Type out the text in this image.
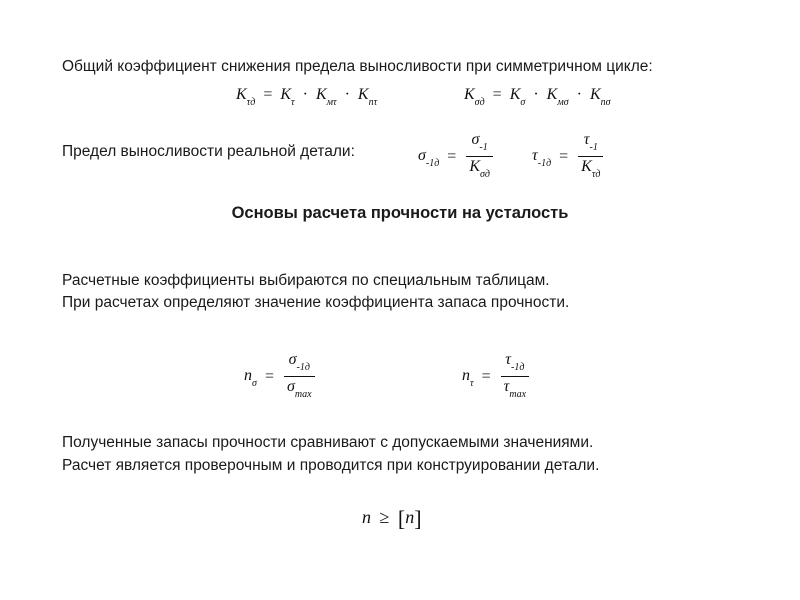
Общий коэффициент снижения предела выносливости при симметричном цикле:
$K_{\tau д} = K_\tau \cdot K_{м\tau} \cdot K_{п\tau}$	$K_{\sigma д} = K_\sigma \cdot K_{м\sigma} \cdot K_{п\sigma}$
Предел выносливости реальной детали:	$\sigma_{-1д} = \frac{\sigma_{-1}}{K_{\sigma д}} \tau_{-1д} = \frac{\tau_{-1}}{K_{\tau д}}$
Основы расчета прочности на усталость
Расчетные коэффициенты выбираются по специальным таблицам.
При расчетах определяют значение коэффициента запаса прочности.
$n_\sigma = \frac{\sigma_{-1д}}{\sigma_{max}}$	$n_\tau = \frac{\tau_{-1д}}{\tau_{max}}$
Полученные запасы прочности сравнивают с допускаемыми значениями.
Расчет является проверочным и проводится при конструировании детали.
n ≥ [n]
